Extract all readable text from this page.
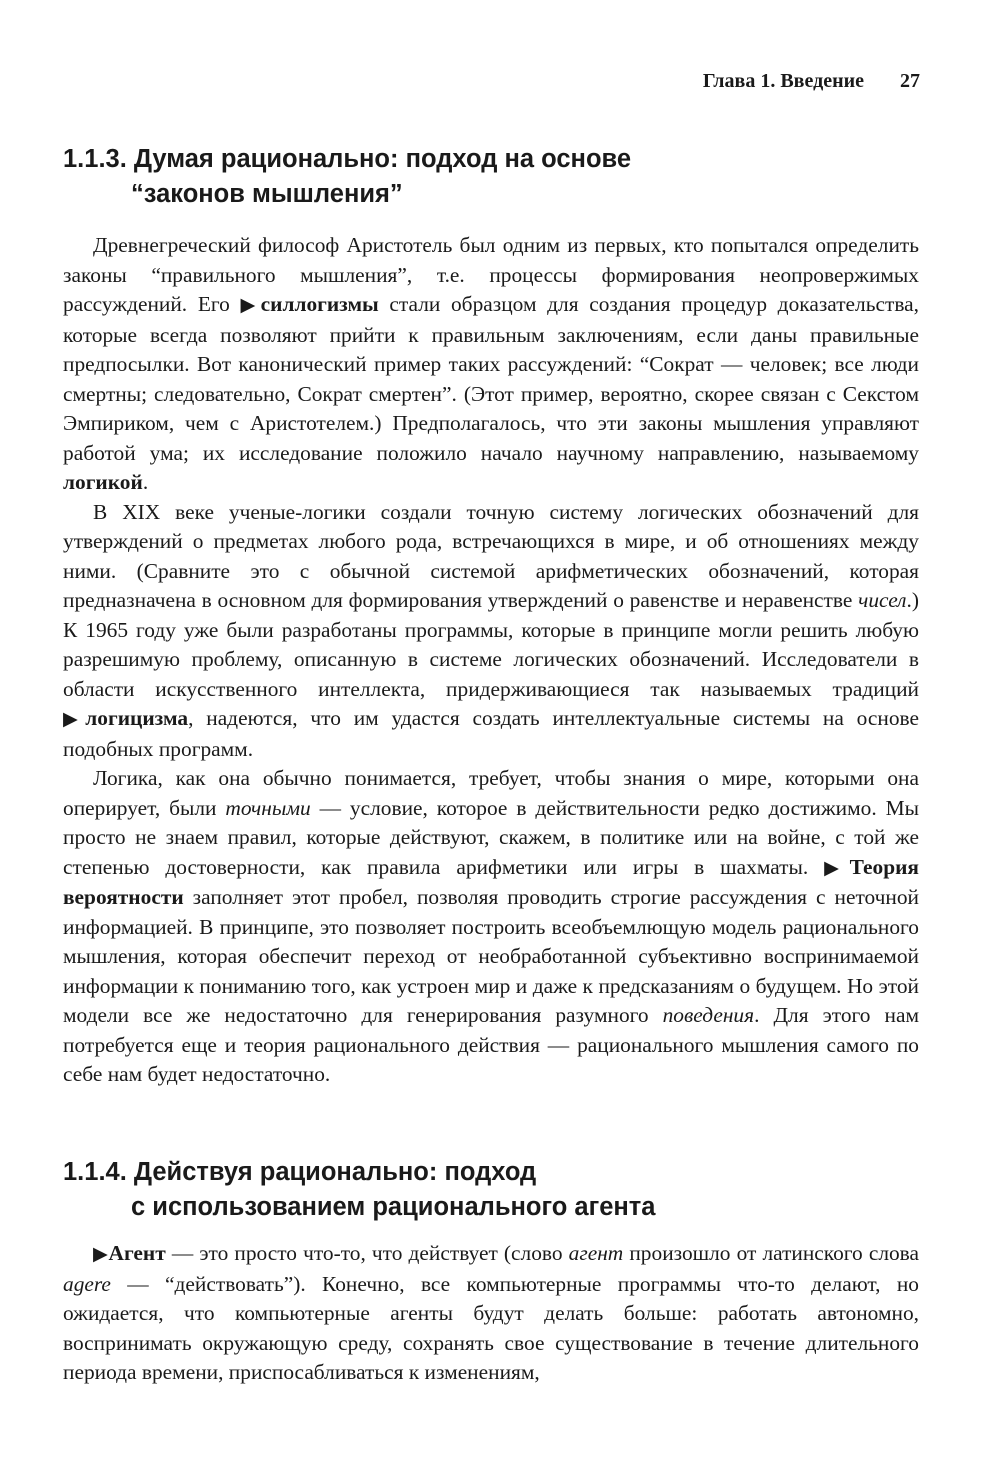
Глава 1. Введение 27
1.1.3. Думая рационально: подход на основе
“законов мышления”

Древнегреческий философ Аристотель был одним из первых, кто попытался определить законы “правильного мышления”, т.е. процессы формирования неопровержимых рассуждений. Его ▶силлогизмы стали образцом для создания процедур доказательства, которые всегда позволяют прийти к правильным заключениям, если даны правильные предпосылки. Вот канонический пример таких рассуждений: “Сократ — человек; все люди смертны; следовательно, Сократ смертен”. (Этот пример, вероятно, скорее связан с Секстом Эмпириком, чем с Аристотелем.) Предполагалось, что эти законы мышления управляют работой ума; их исследование положило начало научному направлению, называемому логикой.

В XIX веке ученые-логики создали точную систему логических обозначений для утверждений о предметах любого рода, встречающихся в мире, и об отношениях между ними. (Сравните это с обычной системой арифметических обозначений, которая предназначена в основном для формирования утверждений о равенстве и неравенстве чисел.) К 1965 году уже были разработаны программы, которые в принципе могли решить любую разрешимую проблему, описанную в системе логических обозначений. Исследователи в области искусственного интеллекта, придерживающиеся так называемых традиций ▶логицизма, надеются, что им удастся создать интеллектуальные системы на основе подобных программ.

Логика, как она обычно понимается, требует, чтобы знания о мире, которыми она оперирует, были точными — условие, которое в действительности редко достижимо. Мы просто не знаем правил, которые действуют, скажем, в политике или на войне, с той же степенью достоверности, как правила арифметики или игры в шахматы. ▶Теория вероятности заполняет этот пробел, позволяя проводить строгие рассуждения с неточной информацией. В принципе, это позволяет построить всеобъемлющую модель рационального мышления, которая обеспечит переход от необработанной субъективно воспринимаемой информации к пониманию того, как устроен мир и даже к предсказаниям о будущем. Но этой модели все же недостаточно для генерирования разумного поведения. Для этого нам потребуется еще и теория рационального действия — рационального мышления самого по себе нам будет недостаточно.

1.1.4. Действуя рационально: подход
с использованием рационального агента

▶Агент — это просто что-то, что действует (слово агент произошло от латинского слова agere — “действовать”). Конечно, все компьютерные программы что-то делают, но ожидается, что компьютерные агенты будут делать больше: работать автономно, воспринимать окружающую среду, сохранять свое существование в течение длительного периода времени, приспосабливаться к изменениям,
